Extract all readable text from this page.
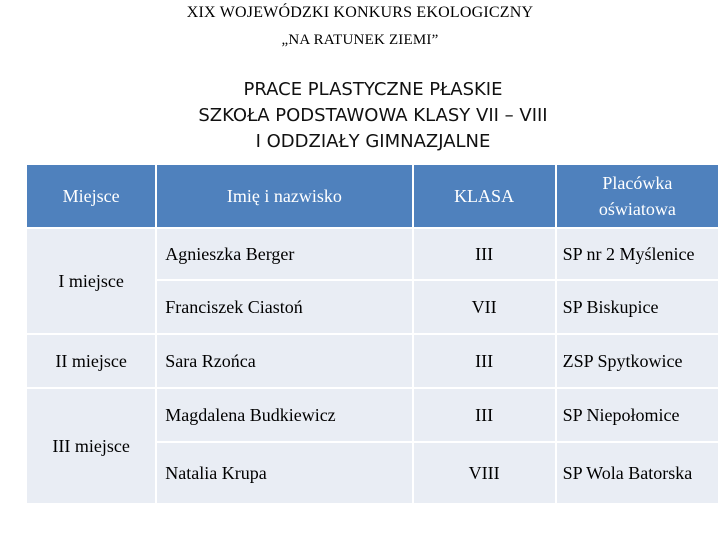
XIX WOJEWÓDZKI KONKURS EKOLOGICZNY
„NA RATUNEK ZIEMI”
PRACE PLASTYCZNE PŁASKIE
SZKOŁA PODSTAWOWA KLASY VII – VIII
I ODDZIAŁY GIMNAZJALNE
Miejsce	Imię i nazwisko	KLASA	Placówka
oświatowa

I miejsce	Agnieszka Berger	III	SP nr 2 Myślenice
	Franciszek Ciastoń	VII	SP Biskupice
II miejsce	Sara Rzońca	III	ZSP Spytkowice
III miejsce	Magdalena Budkiewicz	III	SP Niepołomice
	Natalia Krupa	VIII	SP Wola Batorska
